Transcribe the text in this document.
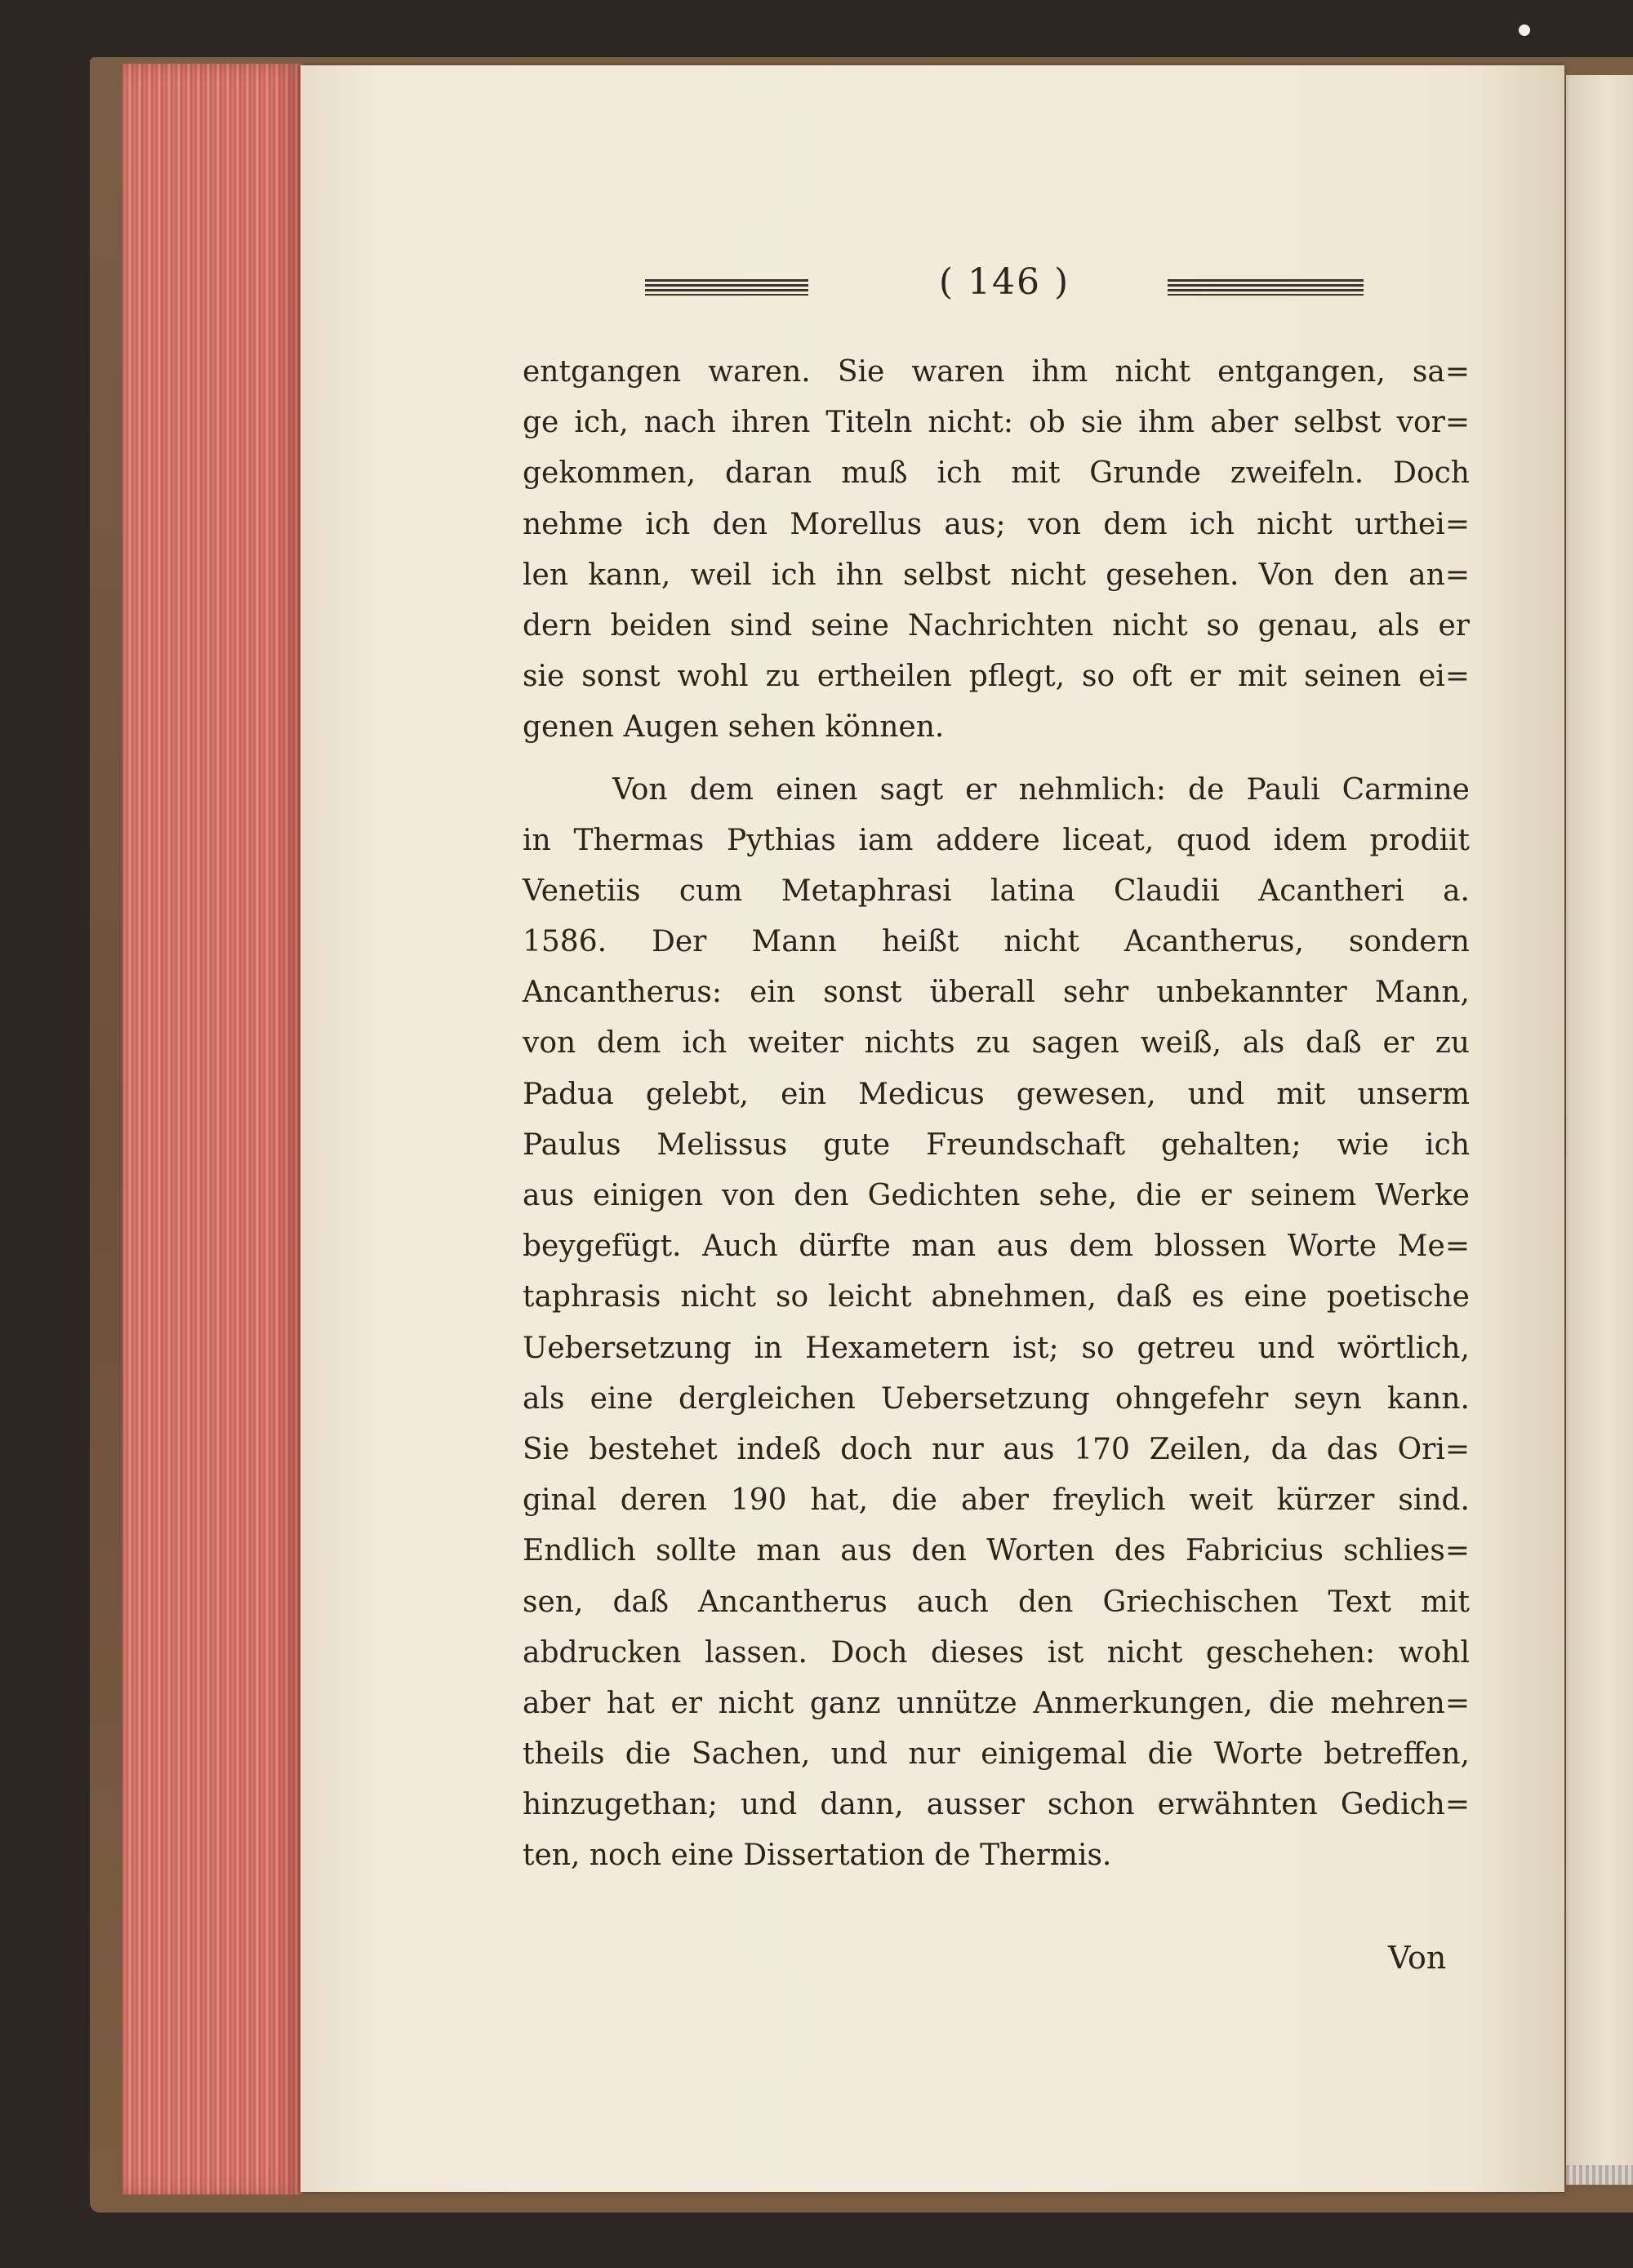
( 146 )
entgangen waren. Sie waren ihm nicht entgangen, sa=
ge ich, nach ihren Titeln nicht: ob sie ihm aber selbst vor=
gekommen, daran muß ich mit Grunde zweifeln. Doch
nehme ich den Morellus aus; von dem ich nicht urthei=
len kann, weil ich ihn selbst nicht gesehen. Von den an=
dern beiden sind seine Nachrichten nicht so genau, als er
sie sonst wohl zu ertheilen pflegt, so oft er mit seinen ei=
genen Augen sehen können.
Von dem einen sagt er nehmlich: de Pauli Carmine
in Thermas Pythias iam addere liceat, quod idem prodiit
Venetiis cum Metaphrasi latina Claudii Acantheri a.
1586. Der Mann heißt nicht Acantherus, sondern
Ancantherus: ein sonst überall sehr unbekannter Mann,
von dem ich weiter nichts zu sagen weiß, als daß er zu
Padua gelebt, ein Medicus gewesen, und mit unserm
Paulus Melissus gute Freundschaft gehalten; wie ich
aus einigen von den Gedichten sehe, die er seinem Werke
beygefügt. Auch dürfte man aus dem blossen Worte Me=
taphrasis nicht so leicht abnehmen, daß es eine poetische
Uebersetzung in Hexametern ist; so getreu und wörtlich,
als eine dergleichen Uebersetzung ohngefehr seyn kann.
Sie bestehet indeß doch nur aus 170 Zeilen, da das Ori=
ginal deren 190 hat, die aber freylich weit kürzer sind.
Endlich sollte man aus den Worten des Fabricius schlies=
sen, daß Ancantherus auch den Griechischen Text mit
abdrucken lassen. Doch dieses ist nicht geschehen: wohl
aber hat er nicht ganz unnütze Anmerkungen, die mehren=
theils die Sachen, und nur einigemal die Worte betreffen,
hinzugethan; und dann, ausser schon erwähnten Gedich=
ten, noch eine Dissertation de Thermis.
Von
